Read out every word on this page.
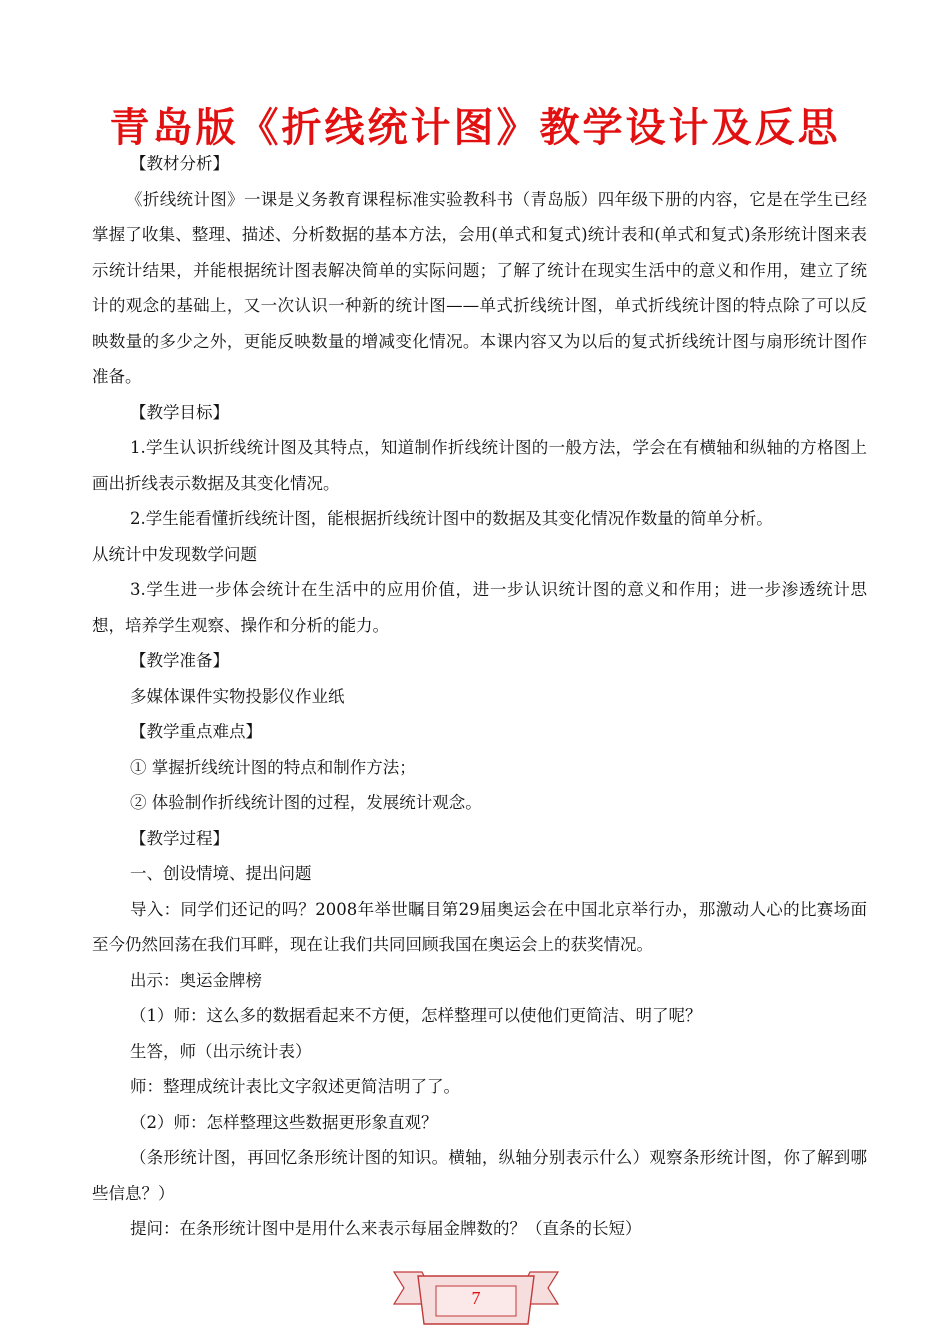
青岛版《折线统计图》教学设计及反思

【教材分析】

《折线统计图》一课是义务教育课程标准实验教科书（青岛版）四年级下册的内容，它是在学生已经掌握了收集、整理、描述、分析数据的基本方法，会用(单式和复式)统计表和(单式和复式)条形统计图来表示统计结果，并能根据统计图表解决简单的实际问题；了解了统计在现实生活中的意义和作用，建立了统计的观念的基础上，又一次认识一种新的统计图——单式折线统计图，单式折线统计图的特点除了可以反映数量的多少之外，更能反映数量的增减变化情况。本课内容又为以后的复式折线统计图与扇形统计图作准备。

【教学目标】

1.学生认识折线统计图及其特点，知道制作折线统计图的一般方法，学会在有横轴和纵轴的方格图上画出折线表示数据及其变化情况。

2.学生能看懂折线统计图，能根据折线统计图中的数据及其变化情况作数量的简单分析。

从统计中发现数学问题

3.学生进一步体会统计在生活中的应用价值，进一步认识统计图的意义和作用；进一步渗透统计思想，培养学生观察、操作和分析的能力。

【教学准备】

多媒体课件实物投影仪作业纸

【教学重点难点】

① 掌握折线统计图的特点和制作方法；

② 体验制作折线统计图的过程，发展统计观念。

【教学过程】

一、创设情境、提出问题

导入：同学们还记的吗？2008年举世瞩目第29届奥运会在中国北京举行办，那激动人心的比赛场面至今仍然回荡在我们耳畔，现在让我们共同回顾我国在奥运会上的获奖情况。

出示：奥运金牌榜

（1）师：这么多的数据看起来不方便，怎样整理可以使他们更简洁、明了呢？

生答，师（出示统计表）

师：整理成统计表比文字叙述更简洁明了了。

（2）师：怎样整理这些数据更形象直观？

（条形统计图，再回忆条形统计图的知识。横轴，纵轴分别表示什么）观察条形统计图，你了解到哪些信息？）

提问：在条形统计图中是用什么来表示每届金牌数的？（直条的长短）

7
